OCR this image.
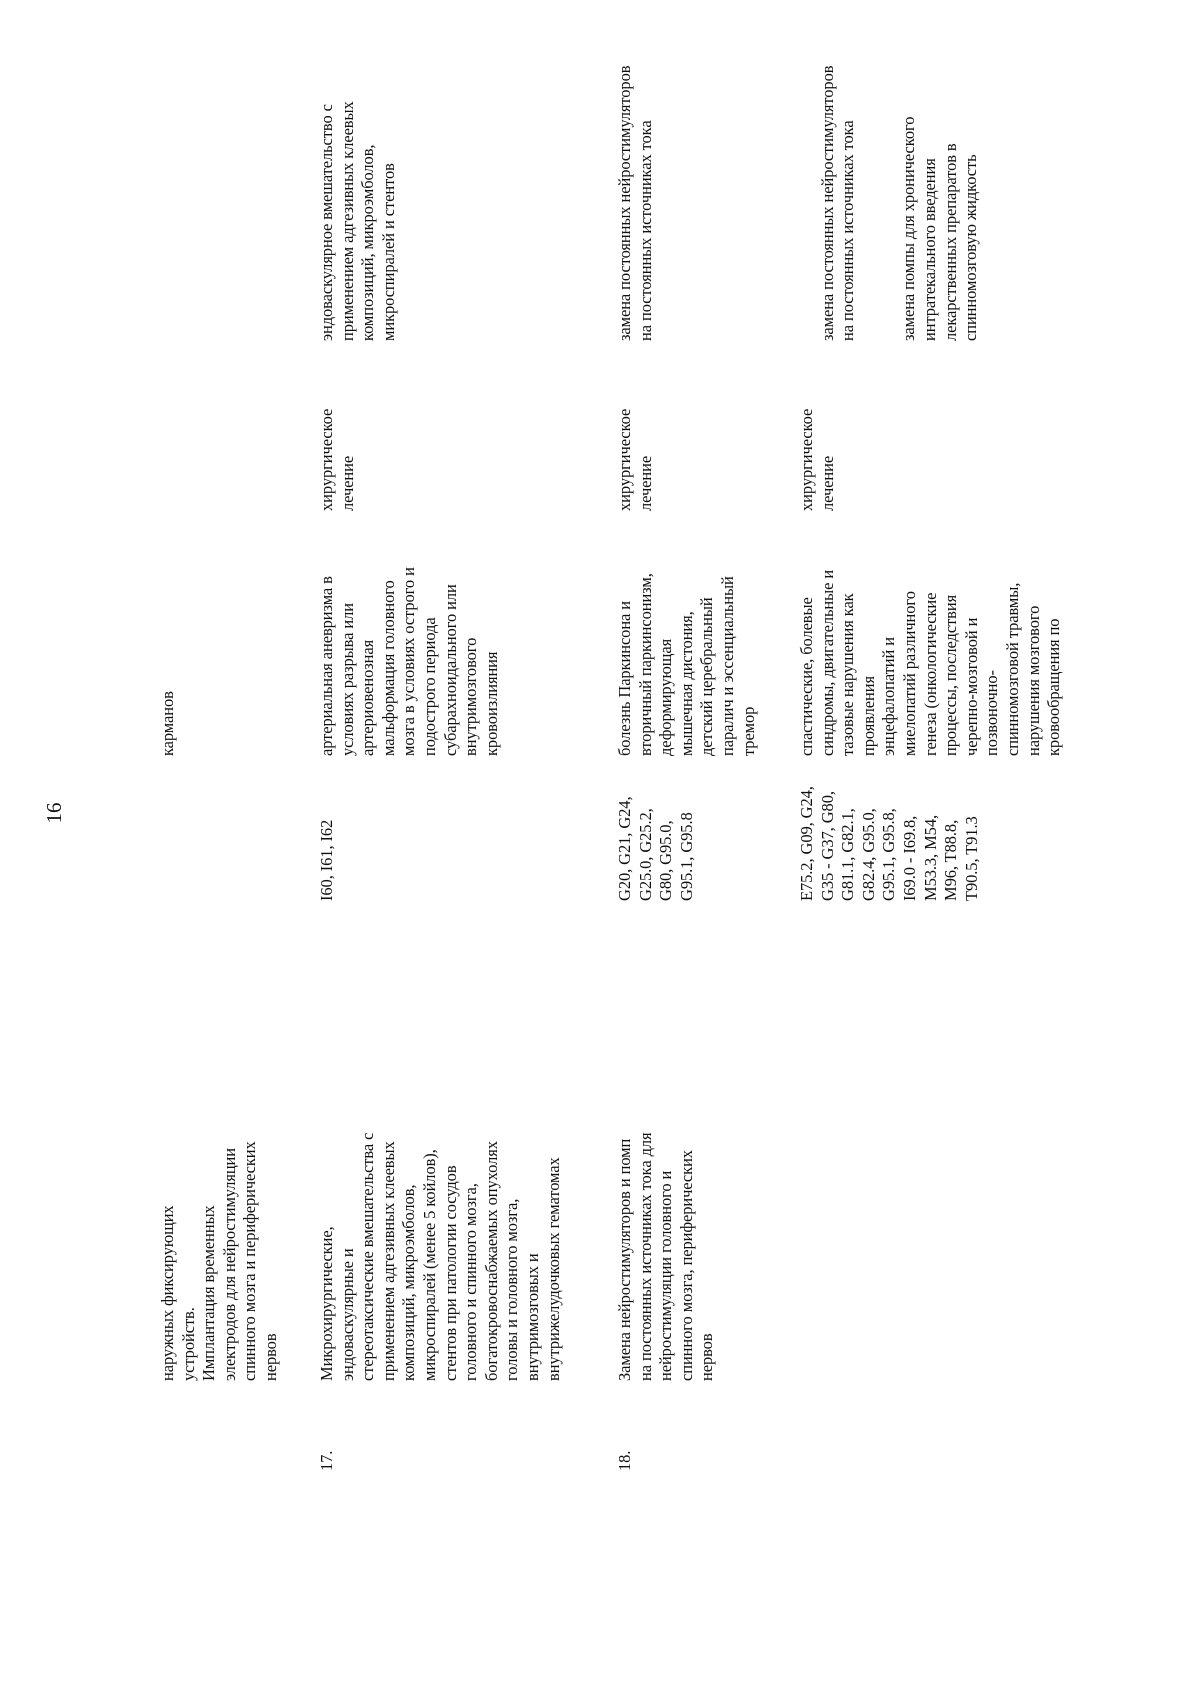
16
наружных фиксирующих
устройств.
Имплантация временных
электродов для нейростимуляции
спинного мозга и периферических
нервов
карманов
17.
Микрохирургические,
эндоваскулярные и
стереотаксические вмешательства с
применением адгезивных клеевых
композиций, микроэмболов,
микроспиралей (менее 5 койлов),
стентов при патологии сосудов
головного и спинного мозга,
богатокровоснабжаемых опухолях
головы и головного мозга,
внутримозговых и
внутрижелудочковых гематомах
I60, I61, I62
артериальная аневризма в
условиях разрыва или
артериовенозная
мальформация головного
мозга в условиях острого и
подострого периода
субарахноидального или
внутримозгового
кровоизлияния
хирургическое
лечение
эндоваскулярное вмешательство с
применением адгезивных клеевых
композиций, микроэмболов,
микроспиралей и стентов
18.
Замена нейростимуляторов и помп
на постоянных источниках тока для
нейростимуляции головного и
спинного мозга, периферических
нервов
G20, G21, G24,
G25.0, G25.2,
G80, G95.0,
G95.1, G95.8
болезнь Паркинсона и
вторичный паркинсонизм,
деформирующая
мышечная дистония,
детский церебральный
паралич и эссенциальный
тремор
хирургическое
лечение
замена постоянных нейростимуляторов
на постоянных источниках тока
E75.2, G09, G24,
G35 - G37, G80,
G81.1, G82.1,
G82.4, G95.0,
G95.1, G95.8,
I69.0 - I69.8,
M53.3, M54,
M96, T88.8,
T90.5, T91.3
спастические, болевые
синдромы, двигательные и
тазовые нарушения как
проявления
энцефалопатий и
миелопатий различного
генеза (онкологические
процессы, последствия
черепно-мозговой и
позвоночно-
спинномозговой травмы,
нарушения мозгового
кровообращения по
хирургическое
лечение

замена постоянных нейростимуляторов
на постоянных источниках тока

замена помпы для хронического
интратекального введения
лекарственных препаратов в
спинномозговую жидкость
